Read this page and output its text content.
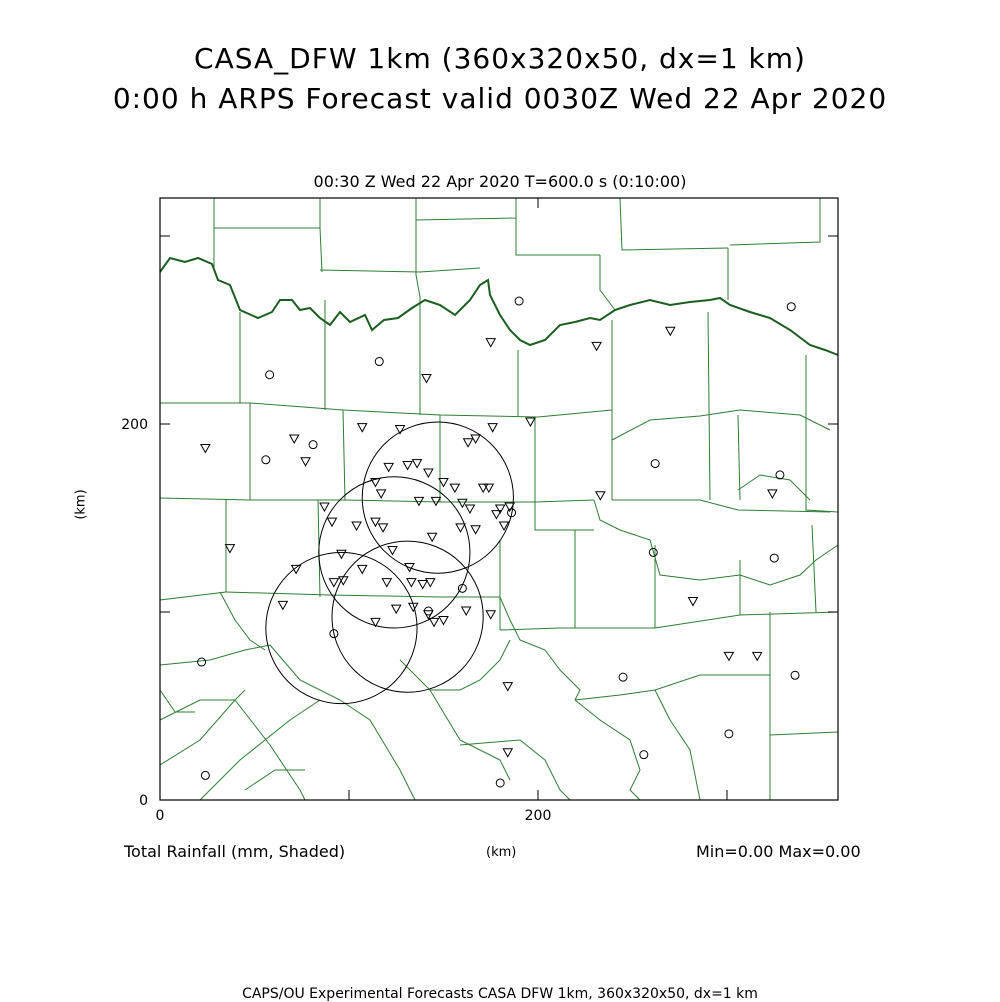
CASA_DFW 1km (360x320x50, dx=1 km)
0:00 h ARPS Forecast valid 0030Z Wed 22 Apr 2020
00:30 Z Wed 22 Apr 2020 T=600.0 s (0:10:00)
0	200
0
200
(km)
Total Rainfall (mm, Shaded)	(km)	Min=0.00 Max=0.00
CAPS/OU Experimental Forecasts CASA DFW 1km, 360x320x50, dx=1 km
